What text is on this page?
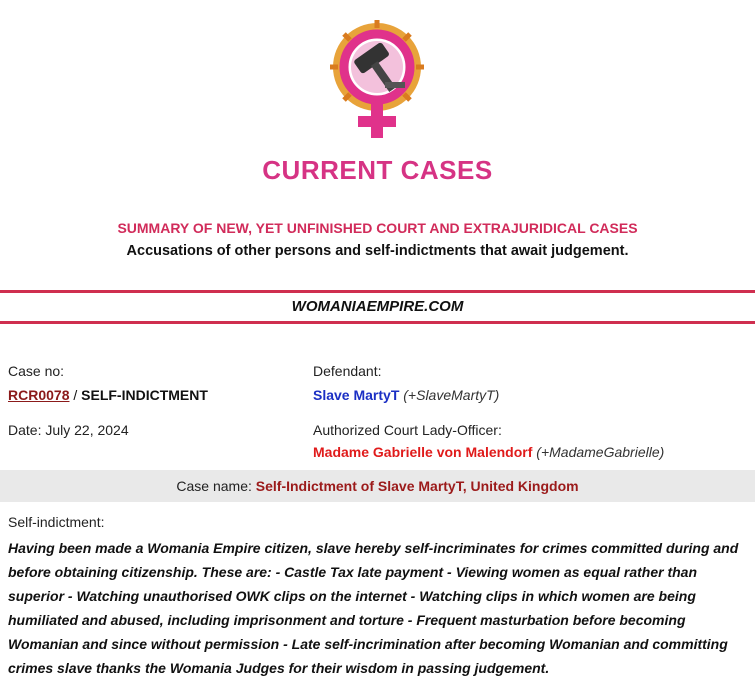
CURRENT CASES
SUMMARY OF NEW, YET UNFINISHED COURT AND EXTRAJURIDICAL CASES
Accusations of other persons and self-indictments that await judgement.
WOMANIAEMPIRE.COM
Case no:
RCR0078 / SELF-INDICTMENT
Date: July 22, 2024
Defendant:
Slave MartyT (+SlaveMartyT)
Authorized Court Lady-Officer:
Madame Gabrielle von Malendorf (+MadameGabrielle)
Case name: Self-Indictment of Slave MartyT, United Kingdom
Self-indictment:
Having been made a Womania Empire citizen, slave hereby self-incriminates for crimes committed during and before obtaining citizenship. These are: - Castle Tax late payment - Viewing women as equal rather than superior - Watching unauthorised OWK clips on the internet - Watching clips in which women are being humiliated and abused, including imprisonment and torture - Frequent masturbation before becoming Womanian and since without permission - Late self-incrimination after becoming Womanian and committing crimes slave thanks the Womania Judges for their wisdom in passing judgement.
